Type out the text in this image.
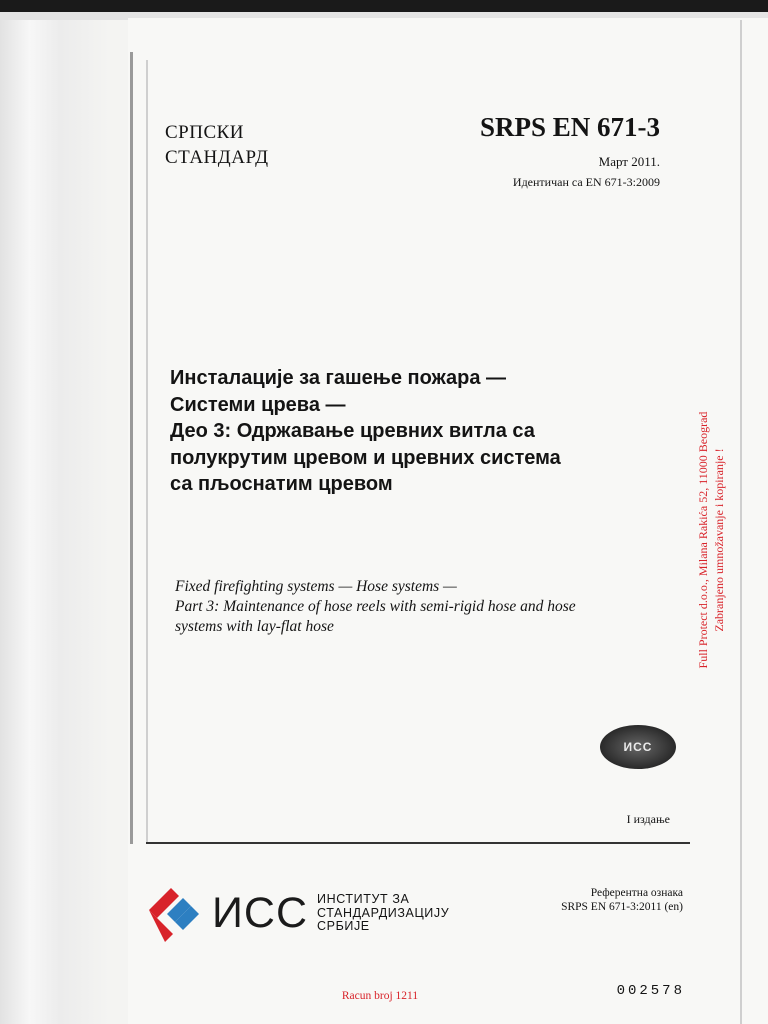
СРПСКИ
СТАНДАРД
SRPS EN 671-3
Март 2011.
Идентичан са EN 671-3:2009
Инсталације за гашење пожара —
Системи црева —
Део 3: Одржавање цревних витла са
полукрутим цревом и цревних система
са пљоснатим цревом
Fixed firefighting systems — Hose systems —
Part 3: Maintenance of hose reels with semi-rigid hose and hose
systems with lay-flat hose
ИСС
I издање
Full Protect d.o.o., Milana Rakića 52, 11000 Beograd Zabranjeno umnožavanje i kopiranje !
ИСС ИНСТИТУТ ЗА
СТАНДАРДИЗАЦИЈУ
СРБИЈЕ
Референтна ознака
SRPS EN 671-3:2011 (en)
002578
Racun broj 1211
